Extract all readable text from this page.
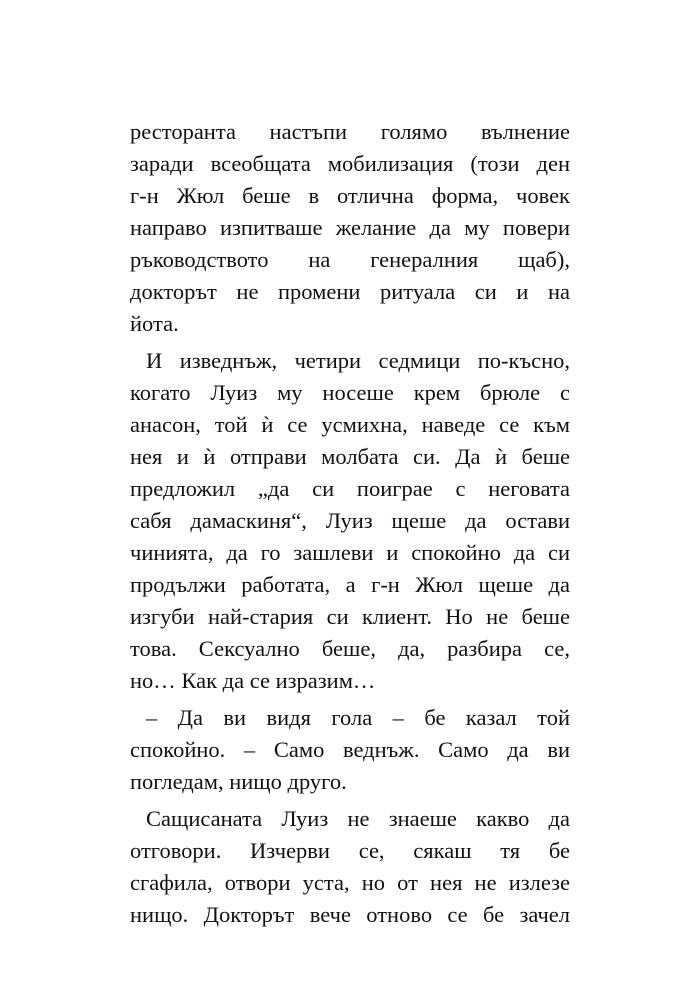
ресторанта настъпи голямо вълнение
заради всеобщата мобилизация (този ден
г-н Жюл беше в отлична форма, човек
направо изпитваше желание да му повери
ръководството на генералния щаб),
докторът не промени ритуала си и на
йота.
И изведнъж, четири седмици по-късно,
когато Луиз му носеше крем брюле с
анасон, той ѝ се усмихна, наведе се към
нея и ѝ отправи молбата си. Да ѝ беше
предложил „да си поиграе с неговата
сабя дамаскиня“, Луиз щеше да остави
чинията, да го зашлеви и спокойно да си
продължи работата, а г-н Жюл щеше да
изгуби най-стария си клиент. Но не беше
това. Сексуално беше, да, разбира се,
но… Как да се изразим…
– Да ви видя гола – бе казал той
спокойно. – Само веднъж. Само да ви
погледам, нищо друго.
Сащисаната Луиз не знаеше какво да
отговори. Изчерви се, сякаш тя бе
сгафила, отвори уста, но от нея не излезе
нищо. Докторът вече отново се бе зачел
